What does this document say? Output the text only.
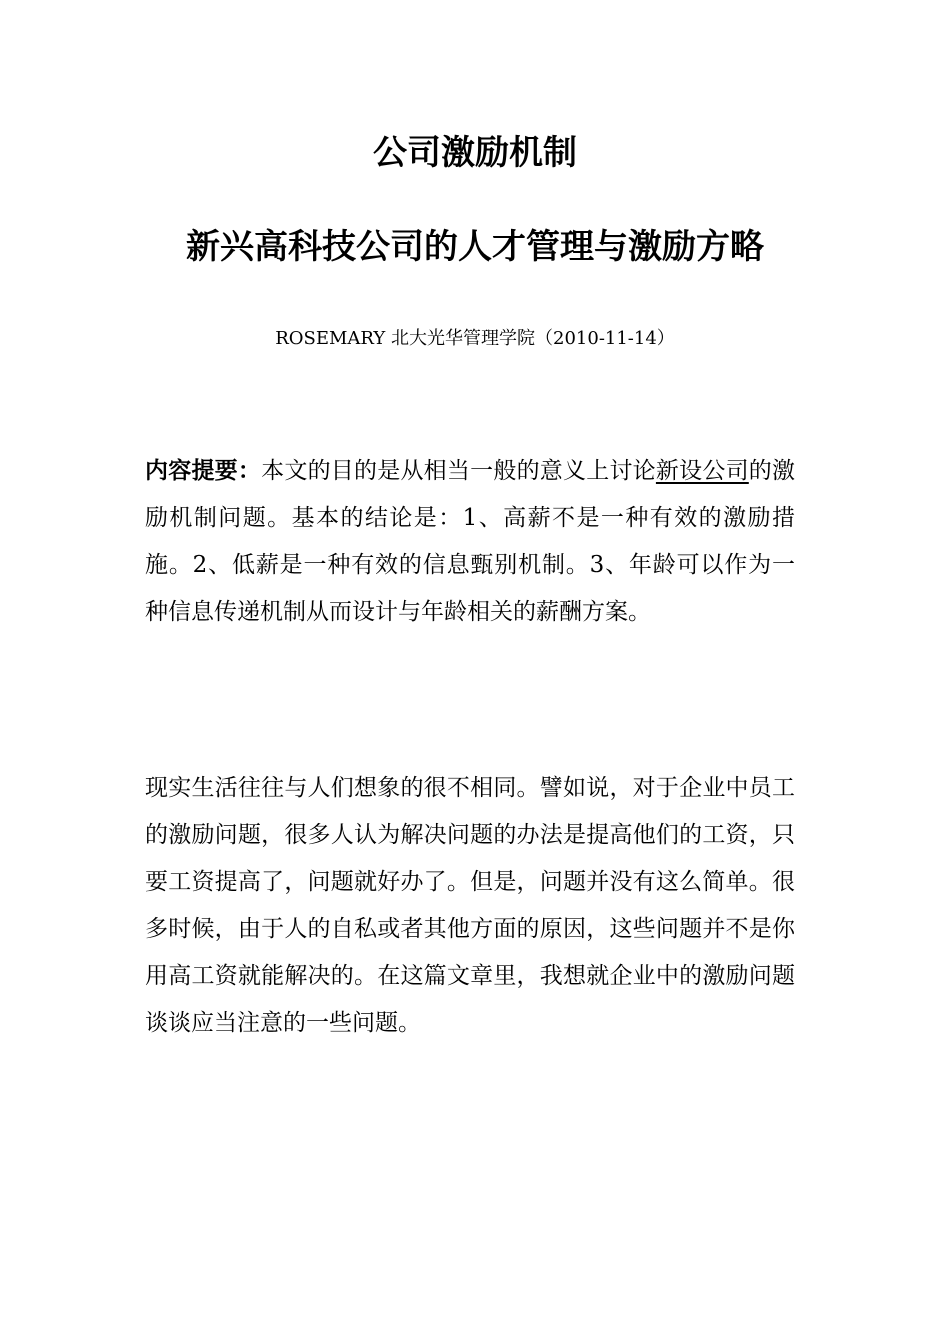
公司激励机制
新兴高科技公司的人才管理与激励方略
ROSEMARY 北大光华管理学院（2010-11-14）

内容提要：本文的目的是从相当一般的意义上讨论新设公司的激励机制问题。基本的结论是：1、高薪不是一种有效的激励措施。2、低薪是一种有效的信息甄别机制。3、年龄可以作为一种信息传递机制从而设计与年龄相关的薪酬方案。

现实生活往往与人们想象的很不相同。譬如说，对于企业中员工的激励问题，很多人认为解决问题的办法是提高他们的工资，只要工资提高了，问题就好办了。但是，问题并没有这么简单。很多时候，由于人的自私或者其他方面的原因，这些问题并不是你用高工资就能解决的。在这篇文章里，我想就企业中的激励问题谈谈应当注意的一些问题。
